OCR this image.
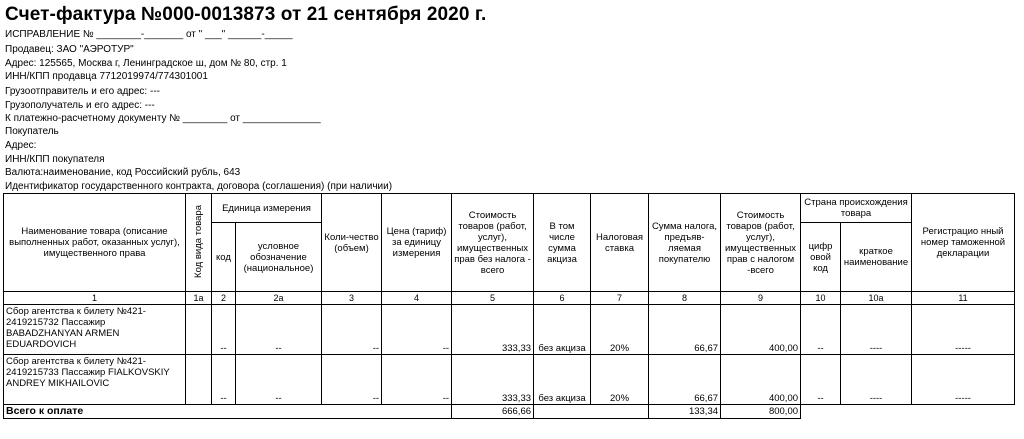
Счет-фактура №000-0013873 от 21 сентября 2020 г.
ИСПРАВЛЕНИЕ № ________-_______ от " ___" ______-_____
Продавец: ЗАО "АЭРОТУР"
Адрес: 125565, Москва г, Ленинградское ш, дом № 80, стр. 1
ИНН/КПП продавца 7712019974/774301001
Грузоотправитель и его адрес: ---
Грузополучатель и его адрес: ---
К платежно-расчетному документу № ________ от ______________
Покупатель
Адрес:
ИНН/КПП покупателя
Валюта:наименование, код Российский рубль, 643
Идентификатор государственного контракта, договора (соглашения) (при наличии)
Наименование товара (описание выполненных работ, оказанных услуг), имущественного права	Код вида товара	Единица измерения		Коли-чество (объем)	Цена (тариф) за единицу измерения	Стоимость товаров (работ, услуг), имущественных прав без налога - всего	В том числе сумма акциза	Налоговая ставка	Сумма налога, предъяв-ляемая покупателю	Стоимость товаров (работ, услуг), имущественных прав с налогом -всего	Страна происхождения товара		Регистрацио нный номер таможенной декларации
		код	условное обозначение (национальное)								цифр овой код	краткое наименование	
1	1а	2	2а	3	4	5	6	7	8	9	10	10а	11
Сбор агентства к билету №421-2419215732 Пассажир BABADZHANYAN ARMEN EDUARDOVICH		--	--	--	--	333,33	без акциза	20%	66,67	400,00	--	----	-----
Сбор агентства к билету №421-2419215733 Пассажир FIALKOVSKIY ANDREY MIKHAILOVIC		--	--	--	--	333,33	без акциза	20%	66,67	400,00	--	----	-----
Всего к оплате						666,66			133,34	800,00			
